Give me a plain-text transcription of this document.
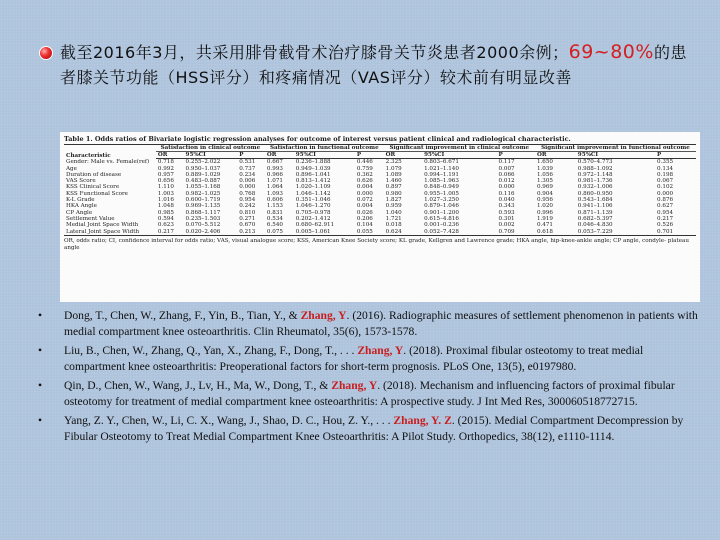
截至2016年3月，共采用腓骨截骨术治疗膝骨关节炎患者2000余例；69~80%的患者膝关节功能（HSS评分）和疼痛情况（VAS评分）较术前有明显改善
Table 1. Odds ratios of Bivariate logistic regression analyses for outcome of interest versus patient clinical and radiological characteristic.
Characteristic	Satisfaction in clinical outcome			Satisfaction in functional outcome			Significant improvement in clinical outcome			Significant improvement in functional outcome		
	OR	95%CI	P	OR	95%CI	P	OR	95%CI	P	OR	95%CI	P
Gender: Male vs. Female(ref)	0.718	0.255–2.022	0.531	0.667	0.236–1.888	0.446	2.325	0.803–6.671	0.117	1.650	0.570–4.773	0.355
Age	0.992	0.950–1.037	0.737	0.993	0.949–1.039	0.759	1.079	1.021–1.140	0.007	1.039	0.988–1.092	0.134
Duration of disease	0.957	0.889–1.029	0.234	0.966	0.896–1.041	0.362	1.089	0.994–1.191	0.066	1.056	0.972–1.148	0.198
VAS Score	0.656	0.483–0.887	0.006	1.071	0.813–1.412	0.626	1.460	1.085–1.963	0.012	1.305	0.981–1.736	0.067
KSS Clinical Score	1.110	1.055–1.168	0.000	1.064	1.020–1.109	0.004	0.897	0.848–0.949	0.000	0.969	0.932–1.006	0.102
KSS Functional Score	1.003	0.982–1.025	0.768	1.093	1.046–1.142	0.000	0.980	0.955–1.005	0.116	0.904	0.860–0.950	0.000
K-L Grade	1.016	0.600–1.719	0.954	0.606	0.351–1.046	0.072	1.827	1.027–3.250	0.040	0.956	0.543–1.684	0.876
HKA Angle	1.048	0.969–1.135	0.242	1.153	1.046–1.270	0.004	0.959	0.879–1.046	0.343	1.020	0.941–1.106	0.627
CP Angle	0.985	0.868–1.117	0.810	0.831	0.705–0.978	0.026	1.040	0.901–1.200	0.593	0.996	0.871–1.139	0.954
Settlement Value	0.594	0.235–1.503	0.271	0.534	0.202–1.412	0.206	1.721	0.615–4.816	0.301	1.919	0.682–5.397	0.217
Medial Joint Space Width	0.623	0.070–5.512	0.670	6.540	0.680–62.911	0.104	0.018	0.001–0.236	0.002	0.471	0.046–4.830	0.526
Lateral Joint Space Width	0.217	0.020–2.406	0.213	0.075	0.005–1.061	0.055	0.624	0.052–7.428	0.709	0.618	0.053–7.229	0.701
OR, odds ratio; CI, confidence interval for odds ratio; VAS, visual analogue score; KSS, American Knee Society score; KL grade, Kellgren and Lawrence grade; HKA angle, hip-knee-ankle angle; CP angle, condyle- plateau angle
• Dong, T., Chen, W., Zhang, F., Yin, B., Tian, Y., & Zhang, Y. (2016). Radiographic measures of settlement phenomenon in patients with medial compartment knee osteoarthritis. Clin Rheumatol, 35(6), 1573-1578.
• Liu, B., Chen, W., Zhang, Q., Yan, X., Zhang, F., Dong, T., . . . Zhang, Y. (2018). Proximal fibular osteotomy to treat medial compartment knee osteoarthritis: Preoperational factors for short-term prognosis. PLoS One, 13(5), e0197980.
• Qin, D., Chen, W., Wang, J., Lv, H., Ma, W., Dong, T., & Zhang, Y. (2018). Mechanism and influencing factors of proximal fibular osteotomy for treatment of medial compartment knee osteoarthritis: A prospective study. J Int Med Res, 300060518772715.
• Yang, Z. Y., Chen, W., Li, C. X., Wang, J., Shao, D. C., Hou, Z. Y., . . . Zhang, Y. Z. (2015). Medial Compartment Decompression by Fibular Osteotomy to Treat Medial Compartment Knee Osteoarthritis: A Pilot Study. Orthopedics, 38(12), e1110-1114.
